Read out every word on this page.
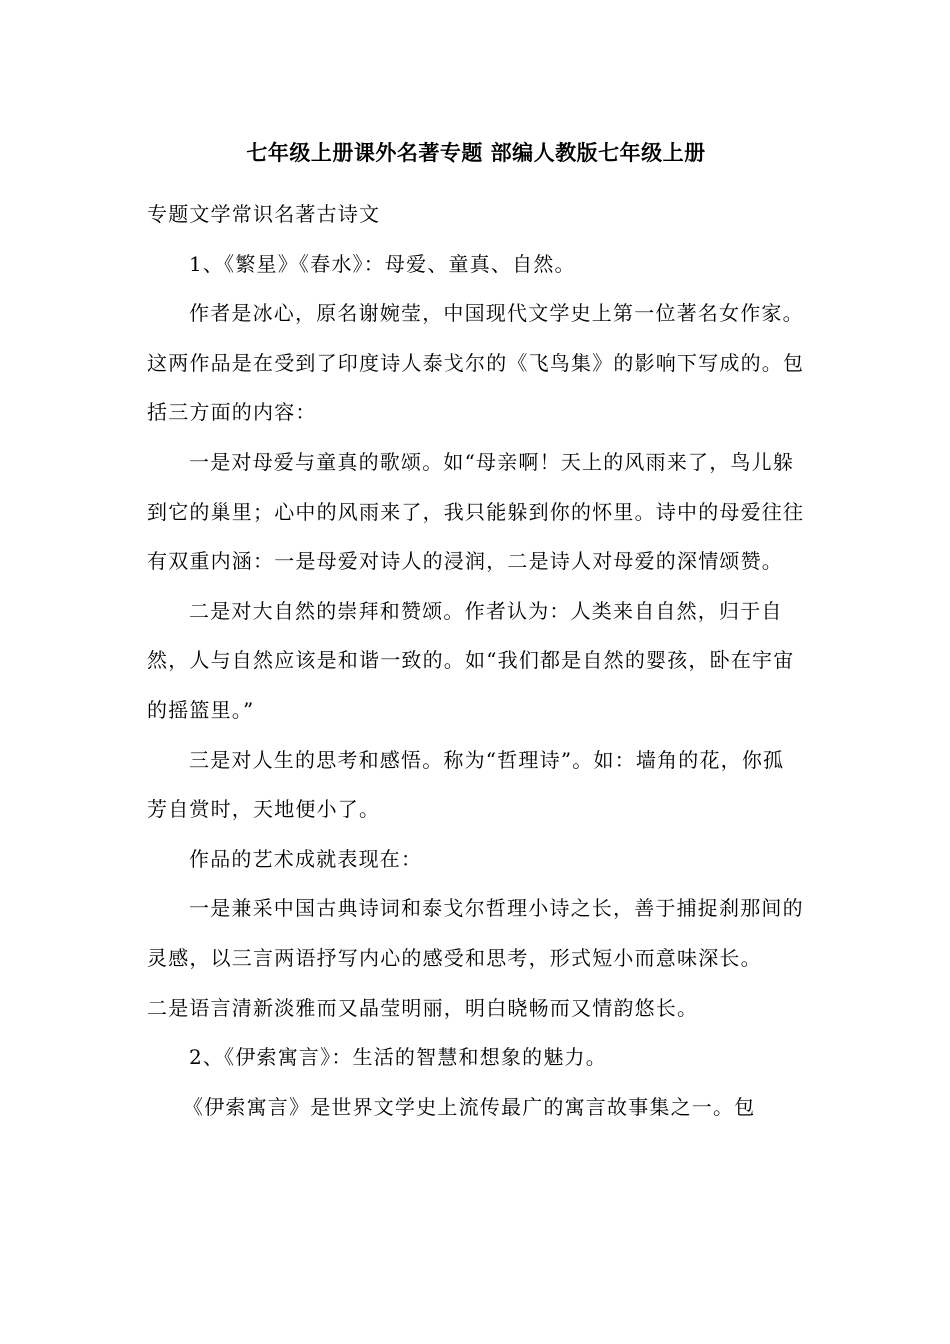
七年级上册课外名著专题 部编人教版七年级上册

专题文学常识名著古诗文

1、《繁星》《春水》：母爱、童真、自然。

作者是冰心，原名谢婉莹，中国现代文学史上第一位著名女作家。这两作品是在受到了印度诗人泰戈尔的《飞鸟集》的影响下写成的。包括三方面的内容：

一是对母爱与童真的歌颂。如“母亲啊！天上的风雨来了，鸟儿躲到它的巢里；心中的风雨来了，我只能躲到你的怀里。诗中的母爱往往有双重内涵：一是母爱对诗人的浸润，二是诗人对母爱的深情颂赞。

二是对大自然的崇拜和赞颂。作者认为：人类来自自然，归于自然，人与自然应该是和谐一致的。如“我们都是自然的婴孩，卧在宇宙的摇篮里。”

三是对人生的思考和感悟。称为“哲理诗”。如：墙角的花，你孤芳自赏时，天地便小了。

作品的艺术成就表现在：

一是兼采中国古典诗词和泰戈尔哲理小诗之长，善于捕捉刹那间的灵感，以三言两语抒写内心的感受和思考，形式短小而意味深长。

二是语言清新淡雅而又晶莹明丽，明白晓畅而又情韵悠长。

2、《伊索寓言》：生活的智慧和想象的魅力。

《伊索寓言》是世界文学史上流传最广的寓言故事集之一。包
